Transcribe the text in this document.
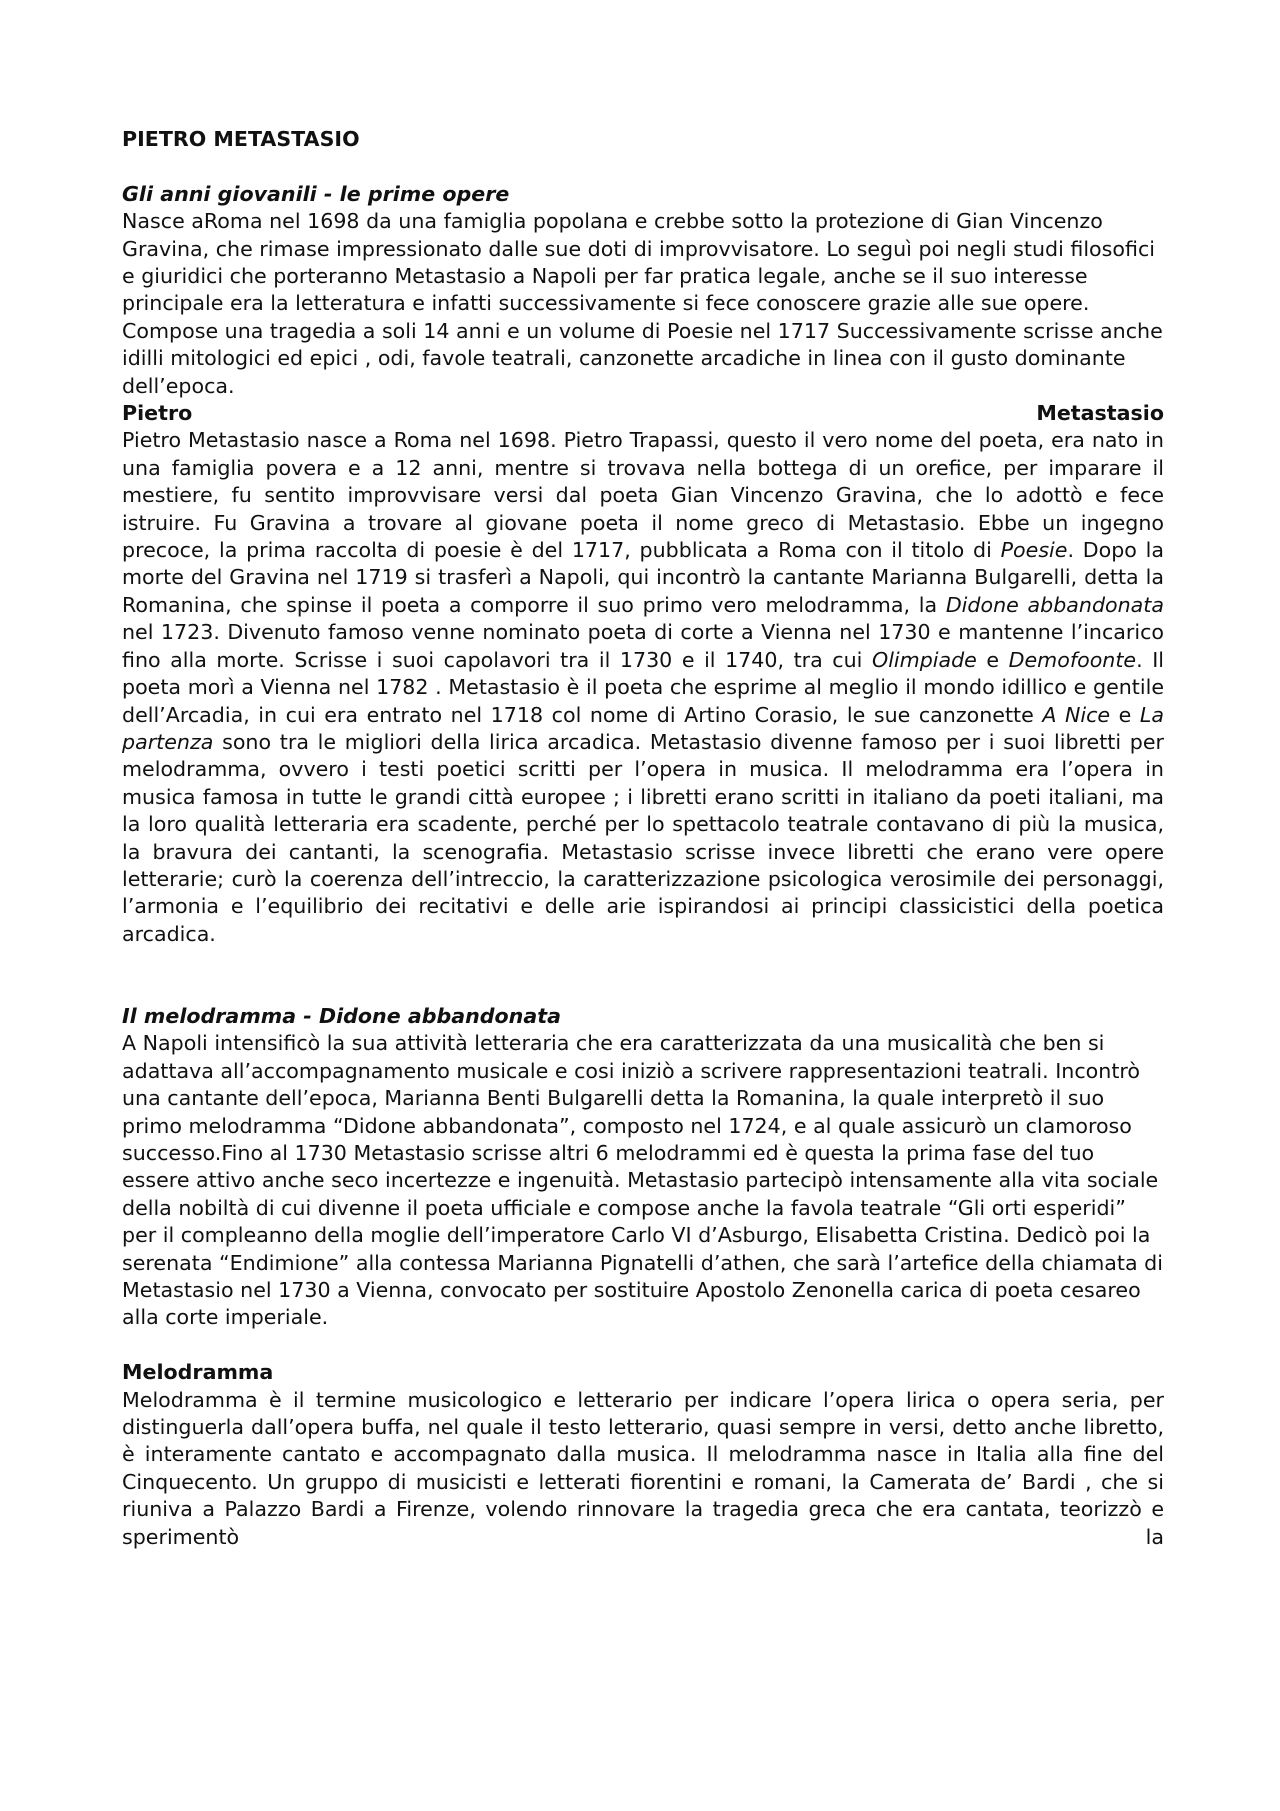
PIETRO METASTASIO

Gli anni giovanili - le prime opere

Nasce aRoma nel 1698 da una famiglia popolana e crebbe sotto la protezione di Gian Vincenzo Gravina, che rimase impressionato dalle sue doti di improvvisatore. Lo seguì poi negli studi filosofici e giuridici che porteranno Metastasio a Napoli per far pratica legale, anche se il suo interesse principale era la letteratura e infatti successivamente si fece conoscere grazie alle sue opere. Compose una tragedia a soli 14 anni e un volume di Poesie nel 1717 Successivamente scrisse anche idilli mitologici ed epici , odi, favole teatrali, canzonette arcadiche in linea con il gusto dominante dell’epoca.

Pietro	Metastasio

Pietro Metastasio nasce a Roma nel 1698. Pietro Trapassi, questo il vero nome del poeta, era nato in una famiglia povera e a 12 anni, mentre si trovava nella bottega di un orefice, per imparare il mestiere, fu sentito improvvisare versi dal poeta Gian Vincenzo Gravina, che lo adottò e fece istruire. Fu Gravina a trovare al giovane poeta il nome greco di Metastasio. Ebbe un ingegno precoce, la prima raccolta di poesie è del 1717, pubblicata a Roma con il titolo di Poesie. Dopo la morte del Gravina nel 1719 si trasferì a Napoli, qui incontrò la cantante Marianna Bulgarelli, detta la Romanina, che spinse il poeta a comporre il suo primo vero melodramma, la Didone abbandonata nel 1723. Divenuto famoso venne nominato poeta di corte a Vienna nel 1730 e mantenne l’incarico fino alla morte. Scrisse i suoi capolavori tra il 1730 e il 1740, tra cui Olimpiade e Demofoonte. Il poeta morì a Vienna nel 1782 . Metastasio è il poeta che esprime al meglio il mondo idillico e gentile dell’Arcadia, in cui era entrato nel 1718 col nome di Artino Corasio, le sue canzonette A Nice e La partenza sono tra le migliori della lirica arcadica. Metastasio divenne famoso per i suoi libretti per melodramma, ovvero i testi poetici scritti per l’opera in musica. Il melodramma era l’opera in musica famosa in tutte le grandi città europee ; i libretti erano scritti in italiano da poeti italiani, ma la loro qualità letteraria era scadente, perché per lo spettacolo teatrale contavano di più la musica, la bravura dei cantanti, la scenografia. Metastasio scrisse invece libretti che erano vere opere letterarie; curò la coerenza dell’intreccio, la caratterizzazione psicologica verosimile dei personaggi, l’armonia e l’equilibrio dei recitativi e delle arie ispirandosi ai principi classicistici della poetica arcadica.

Il melodramma - Didone abbandonata

A Napoli intensificò la sua attività letteraria che era caratterizzata da una musicalità che ben si adattava all’accompagnamento musicale e cosi iniziò a scrivere rappresentazioni teatrali. Incontrò una cantante dell’epoca, Marianna Benti Bulgarelli detta la Romanina, la quale interpretò il suo primo melodramma “Didone abbandonata”, composto nel 1724, e al quale assicurò un clamoroso successo.Fino al 1730 Metastasio scrisse altri 6 melodrammi ed è questa la prima fase del tuo essere attivo anche seco incertezze e ingenuità. Metastasio partecipò intensamente alla vita sociale della nobiltà di cui divenne il poeta ufficiale e compose anche la favola teatrale “Gli orti esperidi” per il compleanno della moglie dell’imperatore Carlo VI d’Asburgo, Elisabetta Cristina. Dedicò poi la serenata “Endimione” alla contessa Marianna Pignatelli d’athen, che sarà l’artefice della chiamata di Metastasio nel 1730 a Vienna, convocato per sostituire Apostolo Zenonella carica di poeta cesareo alla corte imperiale.

Melodramma

Melodramma è il termine musicologico e letterario per indicare l’opera lirica o opera seria, per distinguerla dall’opera buffa, nel quale il testo letterario, quasi sempre in versi, detto anche libretto, è interamente cantato e accompagnato dalla musica. Il melodramma nasce in Italia alla fine del Cinquecento. Un gruppo di musicisti e letterati fiorentini e romani, la Camerata de’ Bardi , che si riuniva a Palazzo Bardi a Firenze, volendo rinnovare la tragedia greca che era cantata, teorizzò e sperimentò la
